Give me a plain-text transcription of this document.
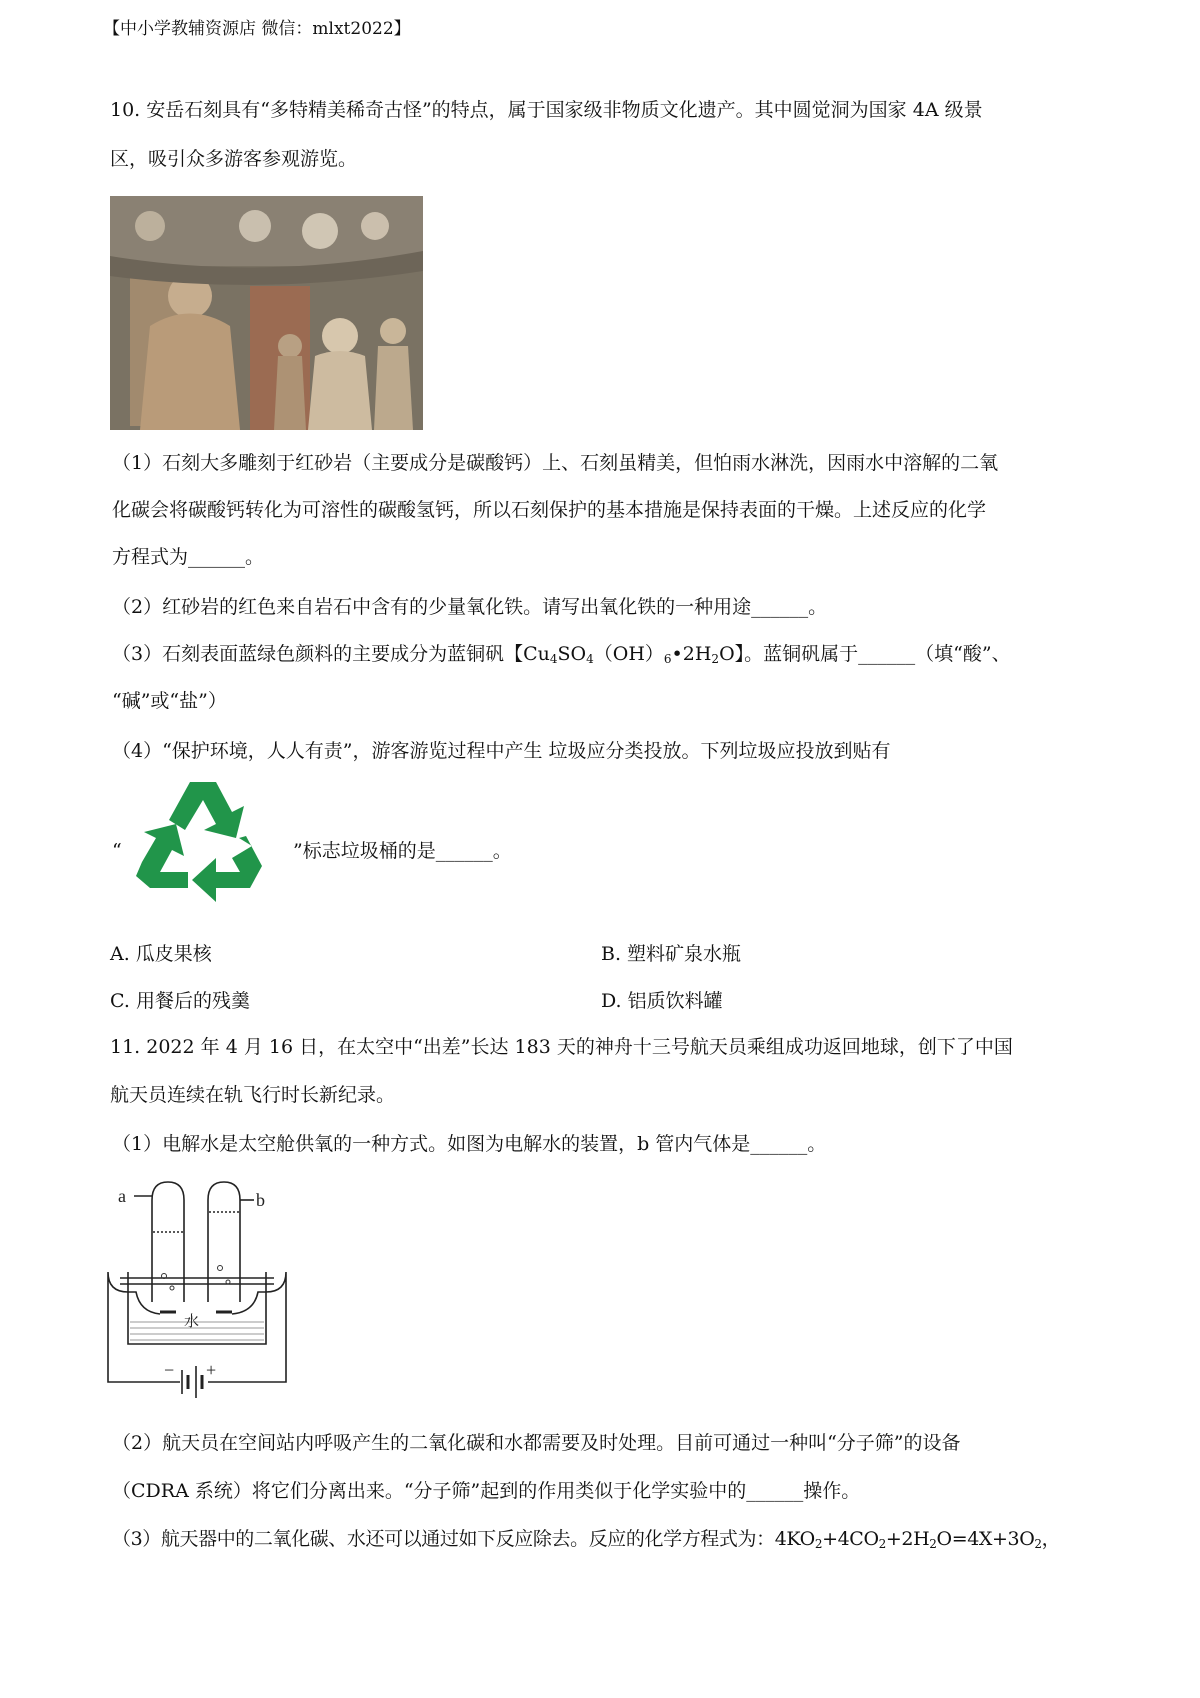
【中小学教辅资源店 微信：mlxt2022】
10. 安岳石刻具有“多特精美稀奇古怪”的特点，属于国家级非物质文化遗产。其中圆觉洞为国家 4A 级景
区，吸引众多游客参观游览。
（1）石刻大多雕刻于红砂岩（主要成分是碳酸钙）上、石刻虽精美，但怕雨水淋洗，因雨水中溶解的二氧
化碳会将碳酸钙转化为可溶性的碳酸氢钙，所以石刻保护的基本措施是保持表面的干燥。上述反应的化学
方程式为______。
（2）红砂岩的红色来自岩石中含有的少量氧化铁。请写出氧化铁的一种用途______。
（3）石刻表面蓝绿色颜料的主要成分为蓝铜矾【$Cu_4SO_4(OH)_6•2H_2O$】。蓝铜矾属于______（填“酸”、
“碱”或“盐”）
（4）“保护环境，人人有责”，游客游览过程中产生 垃圾应分类投放。下列垃圾应投放到贴有
“	”标志垃圾桶的是______。
A. 瓜皮果核	B. 塑料矿泉水瓶
C. 用餐后的残羹	D. 铝质饮料罐
11. 2022 年 4 月 16 日，在太空中“出差”长达 183 天的神舟十三号航天员乘组成功返回地球，创下了中国
航天员连续在轨飞行时长新纪录。
（1）电解水是太空舱供氧的一种方式。如图为电解水的装置，b 管内气体是______。
a	b
水
− +
（2）航天员在空间站内呼吸产生的二氧化碳和水都需要及时处理。目前可通过一种叫“分子筛”的设备
（CDRA 系统）将它们分离出来。“分子筛”起到的作用类似于化学实验中的______操作。
（3）航天器中的二氧化碳、水还可以通过如下反应除去。反应的化学方程式为：$4KO_2+4CO_2+2H_2O=4X+3O_2$，
